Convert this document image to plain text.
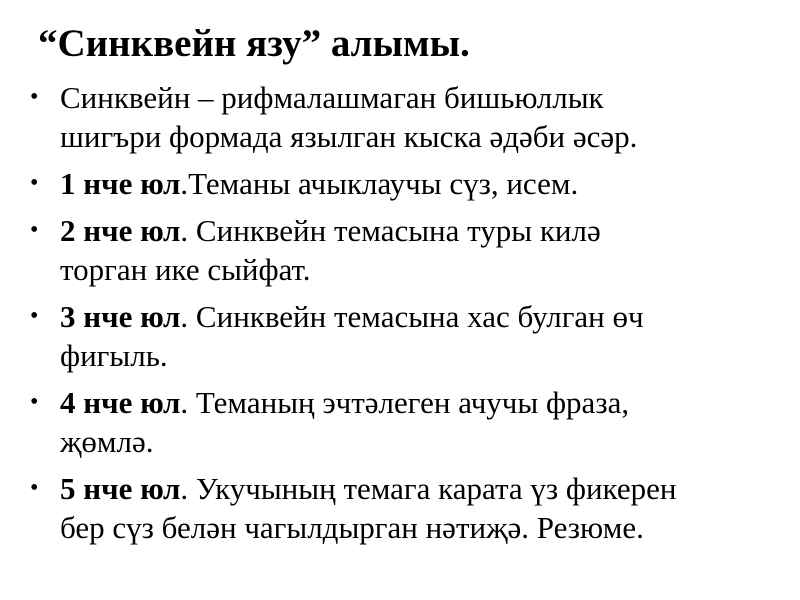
“Синквейн язу” алымы.
• Синквейн – рифмалашмаган бишьюллык
шигъри формада язылган кыска әдәби әсәр.
• 1 нче юл.Теманы ачыклаучы сүз, исем.
• 2 нче юл. Синквейн темасына туры килә
торган ике сыйфат.
• 3 нче юл. Синквейн темасына хас булган өч
фигыль.
• 4 нче юл. Теманың эчтәлеген ачучы фраза,
җөмлә.
• 5 нче юл. Укучының темага карата үз фикерен
бер сүз белән чагылдырган нәтиҗә. Резюме.
